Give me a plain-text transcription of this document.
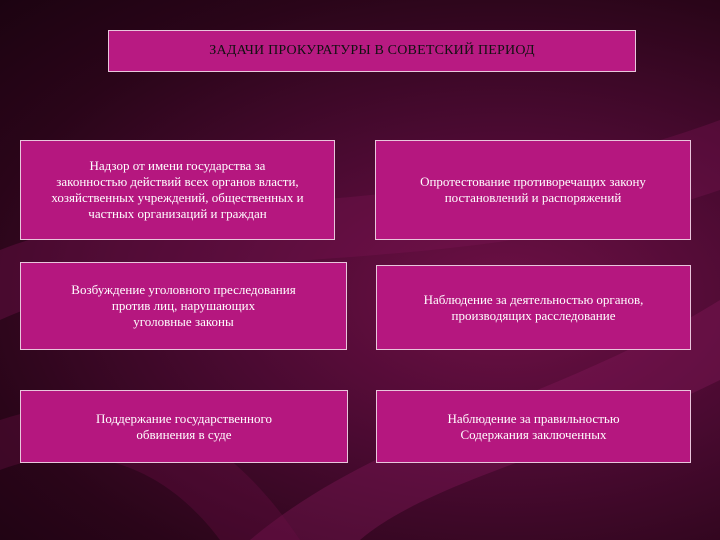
ЗАДАЧИ ПРОКУРАТУРЫ В СОВЕТСКИЙ ПЕРИОД
Надзор от имени государства за
законностью действий всех органов власти,
хозяйственных учреждений, общественных и
частных организаций и граждан
Опротестование противоречащих закону
постановлений и распоряжений
Возбуждение уголовного преследования
против лиц, нарушающих
уголовные законы
Наблюдение за деятельностью органов,
производящих расследование
Поддержание государственного
обвинения в суде
Наблюдение за правильностью
Содержания заключенных
